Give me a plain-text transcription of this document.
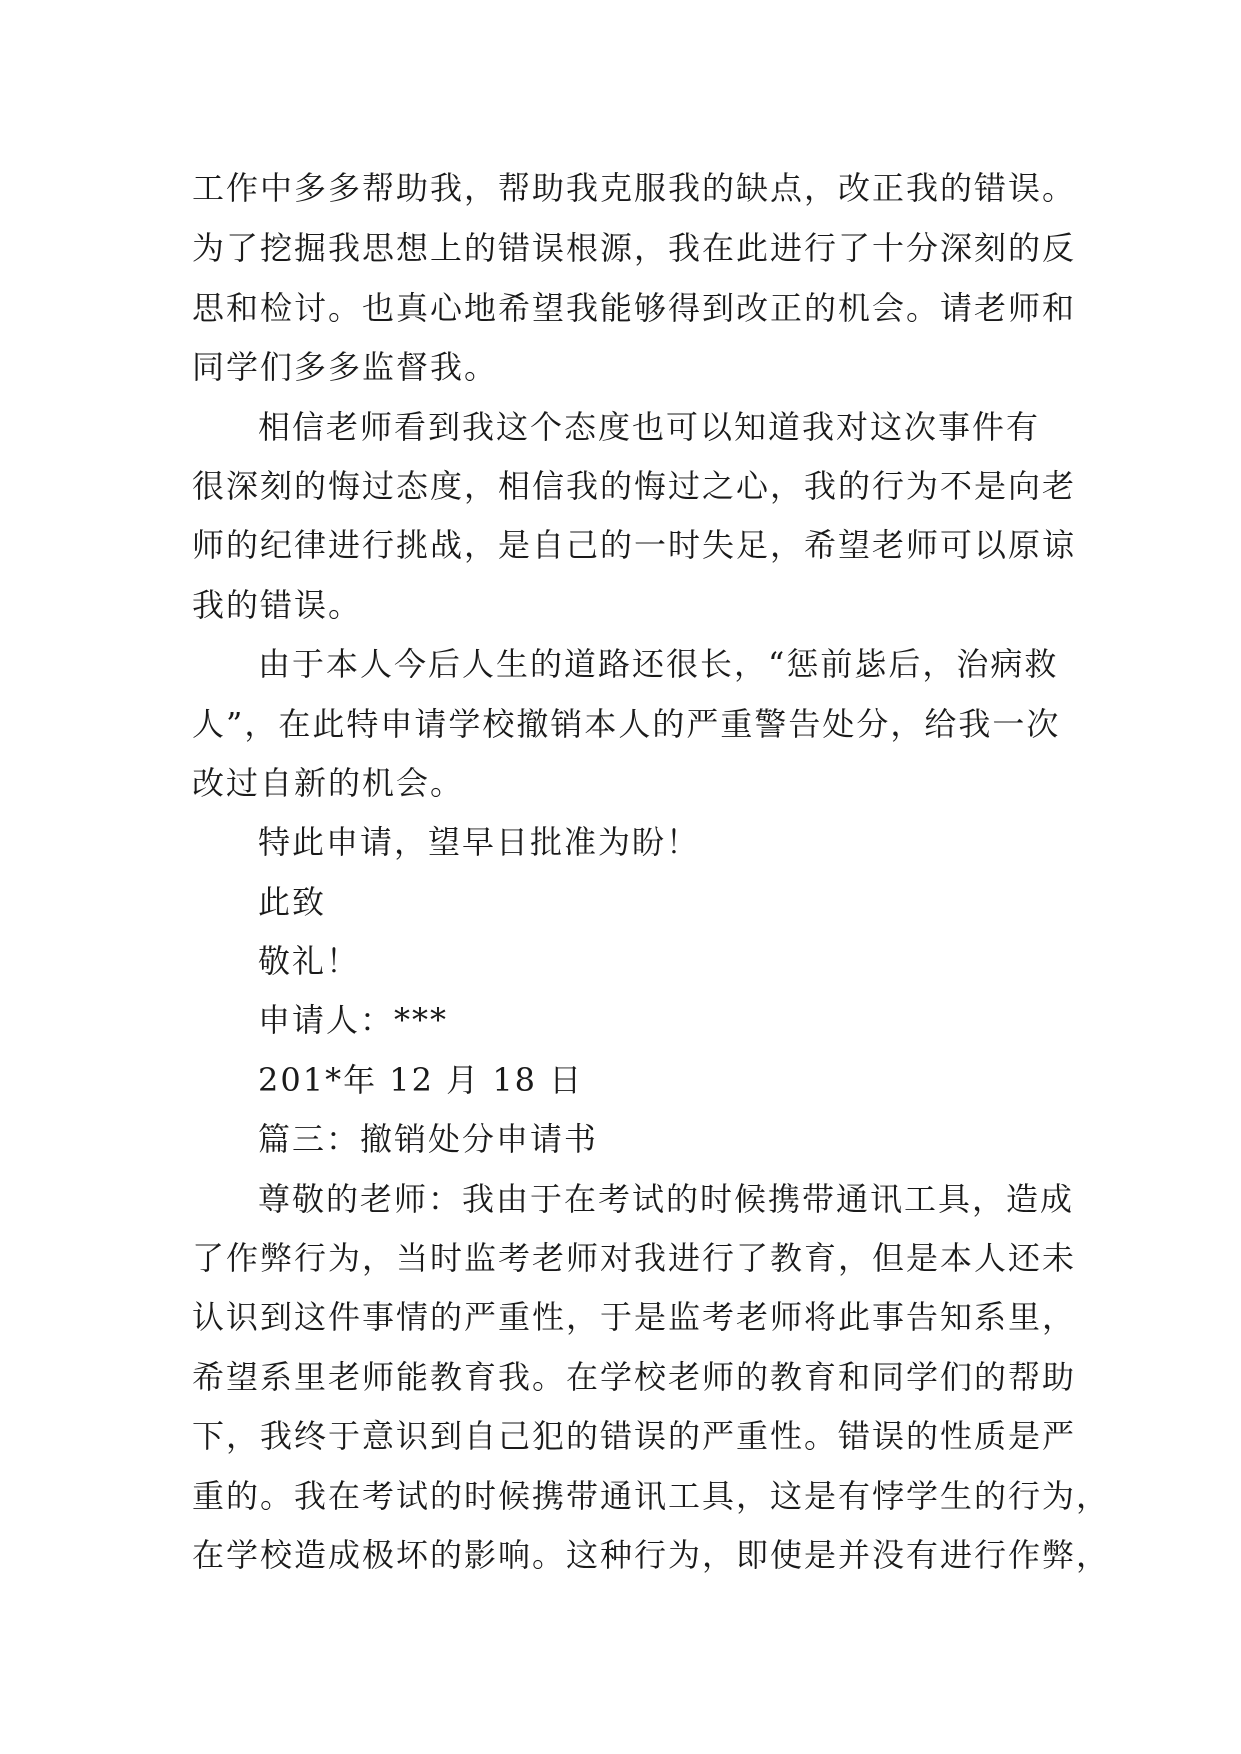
工作中多多帮助我，帮助我克服我的缺点，改正我的错误。
为了挖掘我思想上的错误根源，我在此进行了十分深刻的反
思和检讨。也真心地希望我能够得到改正的机会。请老师和
同学们多多监督我。
相信老师看到我这个态度也可以知道我对这次事件有
很深刻的悔过态度，相信我的悔过之心，我的行为不是向老
师的纪律进行挑战，是自己的一时失足，希望老师可以原谅
我的错误。
由于本人今后人生的道路还很长，“惩前毖后，治病救
人”，在此特申请学校撤销本人的严重警告处分，给我一次
改过自新的机会。
特此申请，望早日批准为盼！
此致
敬礼！
申请人：***
201*年 12 月 18 日
篇三：撤销处分申请书
尊敬的老师：我由于在考试的时候携带通讯工具，造成
了作弊行为，当时监考老师对我进行了教育，但是本人还未
认识到这件事情的严重性，于是监考老师将此事告知系里，
希望系里老师能教育我。在学校老师的教育和同学们的帮助
下，我终于意识到自己犯的错误的严重性。错误的性质是严
重的。我在考试的时候携带通讯工具，这是有悖学生的行为，
在学校造成极坏的影响。这种行为，即使是并没有进行作弊，
